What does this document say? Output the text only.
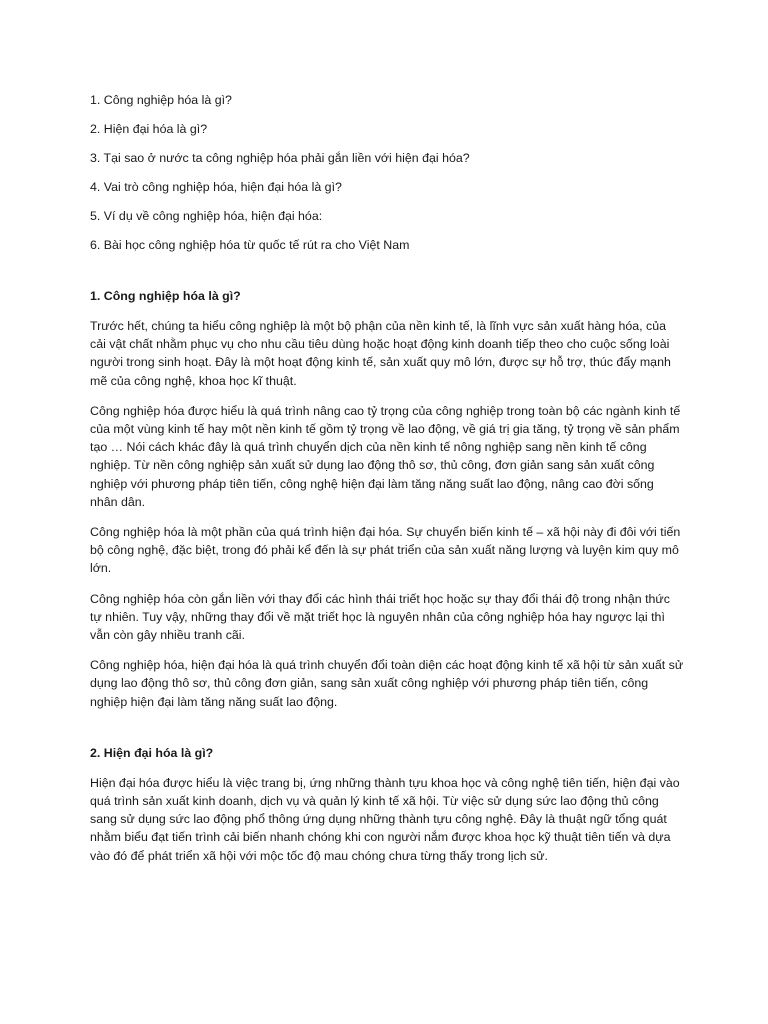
1. Công nghiệp hóa là gì?
2. Hiện đại hóa là gì?
3. Tại sao ở nước ta công nghiệp hóa phải gắn liền với hiện đại hóa?
4. Vai trò công nghiệp hóa, hiện đại hóa là gì?
5. Ví dụ về công nghiệp hóa, hiện đại hóa:
6. Bài học công nghiệp hóa từ quốc tế rút ra cho Việt Nam
1. Công nghiệp hóa là gì?

Trước hết, chúng ta hiểu công nghiệp là một bộ phận của nền kinh tế, là lĩnh vực sản xuất hàng hóa, của cải vật chất nhằm phục vụ cho nhu cầu tiêu dùng hoặc hoạt động kinh doanh tiếp theo cho cuộc sống loài người trong sinh hoạt. Đây là một hoạt động kinh tế, sản xuất quy mô lớn, được sự hỗ trợ, thúc đẩy mạnh mẽ của công nghệ, khoa học kĩ thuật.

Công nghiệp hóa được hiểu là quá trình nâng cao tỷ trọng của công nghiệp trong toàn bộ các ngành kinh tế của một vùng kinh tế hay một nền kinh tế gồm tỷ trọng về lao động, về giá trị gia tăng, tỷ trọng về sản phẩm tạo … Nói cách khác đây là quá trình chuyển dịch của nền kinh tế nông nghiệp sang nền kinh tế công nghiệp. Từ nền công nghiệp sản xuất sử dụng lao động thô sơ, thủ công, đơn giản sang sản xuất công nghiệp với phương pháp tiên tiến, công nghệ hiện đại làm tăng năng suất lao động, nâng cao đời sống nhân dân.

Công nghiệp hóa là một phần của quá trình hiện đại hóa. Sự chuyển biến kinh tế – xã hội này đi đôi với tiến bộ công nghệ, đặc biệt, trong đó phải kể đến là sự phát triển của sản xuất năng lượng và luyện kim quy mô lớn.

Công nghiệp hóa còn gắn liền với thay đổi các hình thái triết học hoặc sự thay đổi thái độ trong nhận thức tự nhiên. Tuy vậy, những thay đổi về mặt triết học là nguyên nhân của công nghiệp hóa hay ngược lại thì vẫn còn gây nhiều tranh cãi.

Công nghiệp hóa, hiện đại hóa là quá trình chuyển đổi toàn diện các hoạt động kinh tế xã hội từ sản xuất sử dụng lao động thô sơ, thủ công đơn giản, sang sản xuất công nghiệp với phương pháp tiên tiến, công nghiệp hiện đại làm tăng năng suất lao động.

2. Hiện đại hóa là gì?

Hiện đại hóa được hiểu là việc trang bị, ứng những thành tựu khoa học và công nghệ tiên tiến, hiện đại vào quá trình sản xuất kinh doanh, dịch vụ và quản lý kinh tế xã hội. Từ việc sử dụng sức lao động thủ công sang sử dụng sức lao động phổ thông ứng dụng những thành tựu công nghệ. Đây là thuật ngữ tổng quát nhằm biểu đạt tiến trình cải biến nhanh chóng khi con người nắm được khoa học kỹ thuật tiên tiến và dựa vào đó để phát triển xã hội với mộc tốc độ mau chóng chưa từng thấy trong lịch sử.
